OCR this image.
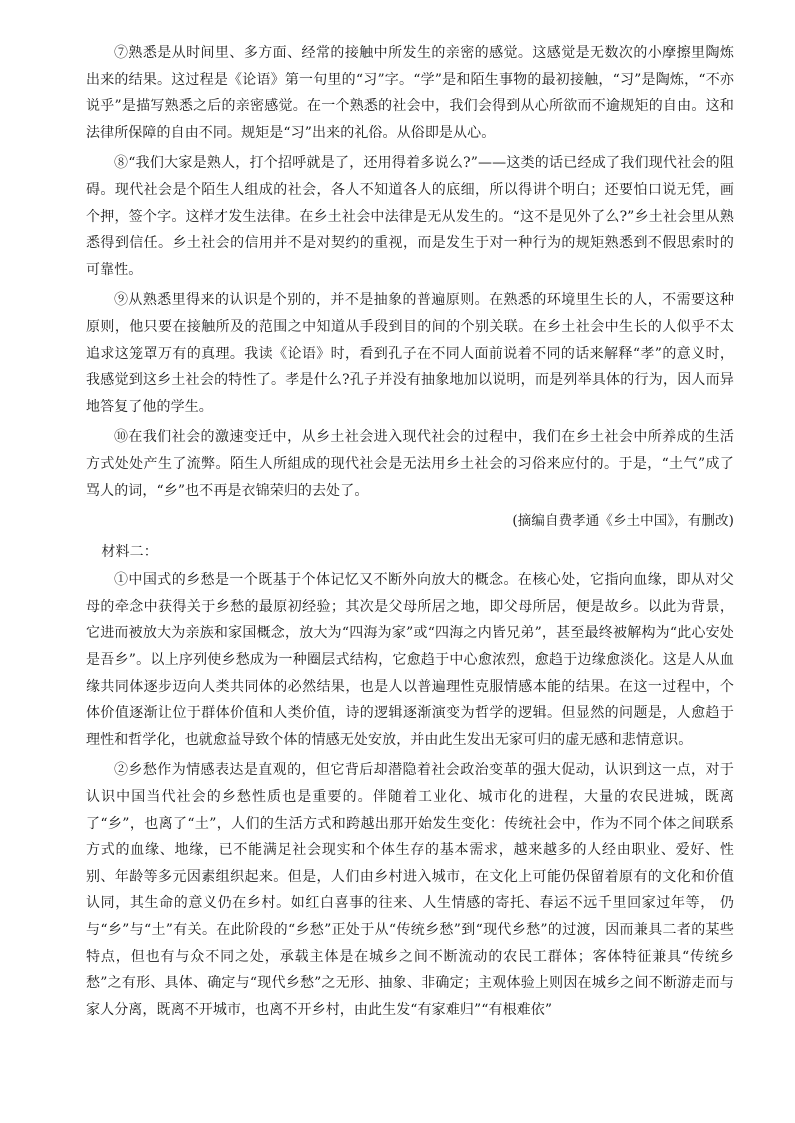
⑦熟悉是从时间里、多方面、经常的接触中所发生的亲密的感觉。这感觉是无数次的小摩擦里陶炼出来的结果。这过程是《论语》第一句里的“习”字。“学”是和陌生事物的最初接触，“习”是陶炼，“不亦说乎”是描写熟悉之后的亲密感觉。在一个熟悉的社会中，我们会得到从心所欲而不逾规矩的自由。这和法律所保障的自由不同。规矩是“习”出来的礼俗。从俗即是从心。

⑧“我们大家是熟人，打个招呼就是了，还用得着多说么?”——这类的话已经成了我们现代社会的阻碍。现代社会是个陌生人组成的社会，各人不知道各人的底细，所以得讲个明白；还要怕口说无凭，画个押，签个字。这样才发生法律。在乡土社会中法律是无从发生的。“这不是见外了么?”乡土社会里从熟悉得到信任。乡土社会的信用并不是对契约的重视，而是发生于对一种行为的规矩熟悉到不假思索时的可靠性。

⑨从熟悉里得来的认识是个别的，并不是抽象的普遍原则。在熟悉的环境里生长的人，不需要这种原则，他只要在接触所及的范围之中知道从手段到目的间的个别关联。在乡土社会中生长的人似乎不太追求这笼罩万有的真理。我读《论语》时，看到孔子在不同人面前说着不同的话来解释“孝”的意义时，我感觉到这乡土社会的特性了。孝是什么?孔子并没有抽象地加以说明，而是列举具体的行为，因人而异地答复了他的学生。

⑩在我们社会的激速变迁中，从乡土社会进入现代社会的过程中，我们在乡土社会中所养成的生活方式处处产生了流弊。陌生人所組成的现代社会是无法用乡土社会的习俗来应付的。于是，“土气”成了骂人的词，“乡”也不再是衣锦荣归的去处了。

(摘编自费孝通《乡土中国》，有删改)

材料二：

①中国式的乡愁是一个既基于个体记忆又不断外向放大的概念。在核心处，它指向血缘，即从对父母的牵念中获得关于乡愁的最原初经验；其次是父母所居之地，即父母所居，便是故乡。以此为背景，它进而被放大为亲族和家国概念，放大为“四海为家”或“四海之内皆兄弟”，甚至最终被解构为“此心安处是吾乡”。以上序列使乡愁成为一种圈层式结构，它愈趋于中心愈浓烈，愈趋于边缘愈淡化。这是人从血缘共同体逐步迈向人类共同体的必然结果，也是人以普遍理性克服情感本能的结果。在这一过程中，个体价值逐渐让位于群体价值和人类价值，诗的逻辑逐渐演变为哲学的逻辑。但显然的问题是，人愈趋于理性和哲学化，也就愈益导致个体的情感无处安放，并由此生发出无家可归的虚无感和悲情意识。

②乡愁作为情感表达是直观的，但它背后却潜隐着社会政治变革的强大促动，认识到这一点，对于认识中国当代社会的乡愁性质也是重要的。伴随着工业化、城市化的进程，大量的农民进城，既离了“乡”，也离了“土”，人们的生活方式和跨越出那开始发生变化：传统社会中，作为不同个体之间联系方式的血缘、地缘，已不能满足社会现实和个体生存的基本需求，越来越多的人经由职业、爱好、性别、年龄等多元因素组织起来。但是，人们由乡村进入城市，在文化上可能仍保留着原有的文化和价值认同，其生命的意义仍在乡村。如红白喜事的往来、人生情感的寄托、春运不远千里回家过年等， 仍与“乡”与“土”有关。在此阶段的“乡愁”正处于从“传统乡愁”到“现代乡愁”的过渡，因而兼具二者的某些特点，但也有与众不同之处，承载主体是在城乡之间不断流动的农民工群体；客体特征兼具“传统乡愁”之有形、具体、确定与“现代乡愁”之无形、抽象、非确定；主观体验上则因在城乡之间不断游走而与家人分离，既离不开城市，也离不开乡村，由此生发“有家难归”“有根难依”
